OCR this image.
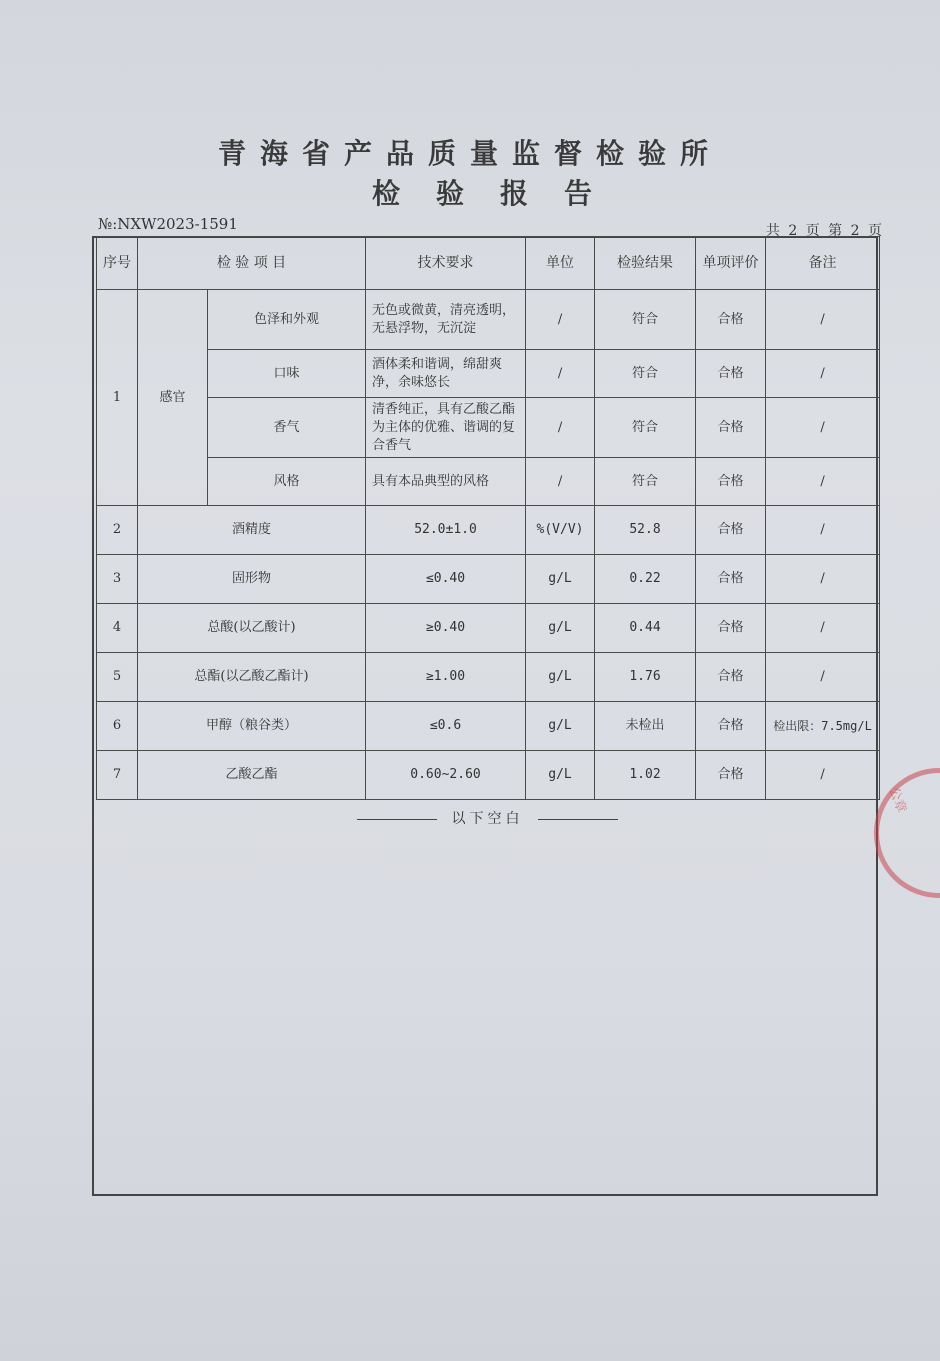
青海省产品质量监督检验所
检验报告
№:NXW2023-1591	共 2 页 第 2 页
序号	检 验 项 目		技术要求	单位	检验结果	单项评价	备注
1	感官	色泽和外观	无色或微黄，清亮透明，无悬浮物，无沉淀	/	符合	合格	/
		口味	酒体柔和谐调，绵甜爽净，余味悠长	/	符合	合格	/
		香气	清香纯正，具有乙酸乙酯为主体的优雅、谐调的复合香气	/	符合	合格	/
		风格	具有本品典型的风格	/	符合	合格	/
2	酒精度		52.0±1.0	%(V/V)	52.8	合格	/
3	固形物		≤0.40	g/L	0.22	合格	/
4	总酸(以乙酸计)		≥0.40	g/L	0.44	合格	/
5	总酯(以乙酸乙酯计)		≥1.00	g/L	1.76	合格	/
6	甲醇（粮谷类）		≤0.6	g/L	未检出	合格	检出限：7.5mg/L
7	乙酸乙酯		0.60~2.60	g/L	1.02	合格	/
以下空白
公章
